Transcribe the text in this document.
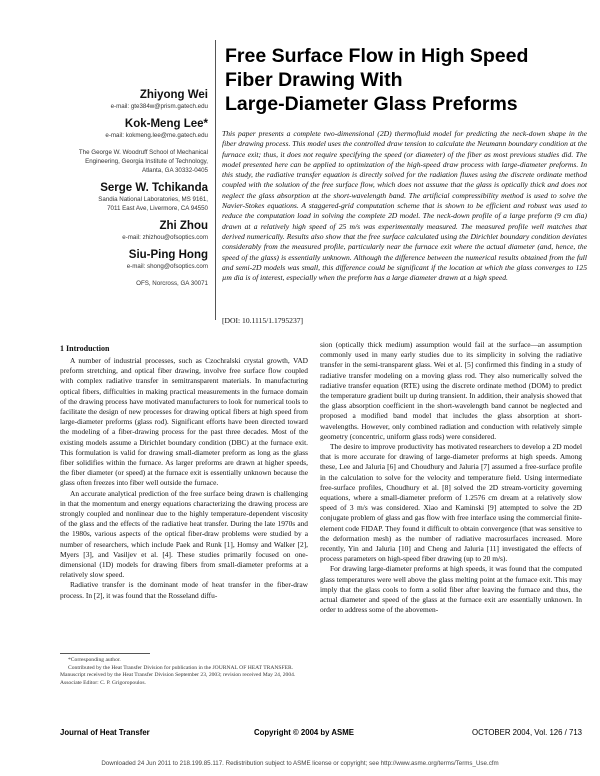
Free Surface Flow in High Speed
Fiber Drawing With
Large-Diameter Glass Preforms
Zhiyong Wei
e-mail: gte384w@prism.gatech.edu
Kok-Meng Lee*
e-mail: kokmeng.lee@me.gatech.edu
The George W. Woodruff School of Mechanical
Engineering, Georgia Institute of Technology,
Atlanta, GA 30332-0405
Serge W. Tchikanda
Sandia National Laboratories, MS 9161,
7011 East Ave, Livermore, CA 94550
Zhi Zhou
e-mail: zhizhou@ofsoptics.com
Siu-Ping Hong
e-mail: shong@ofsoptics.com
OFS, Norcross, GA 30071
This paper presents a complete two-dimensional (2D) thermofluid model for predicting the neck-down shape in the fiber drawing process. This model uses the controlled draw tension to calculate the Neumann boundary condition at the furnace exit; thus, it does not require specifying the speed (or diameter) of the fiber as most previous studies did. The model presented here can be applied to optimization of the high-speed draw process with large-diameter preforms. In this study, the radiative transfer equation is directly solved for the radiation fluxes using the discrete ordinate method coupled with the solution of the free surface flow, which does not assume that the glass is optically thick and does not neglect the glass absorption at the short-wavelength band. The artificial compressibility method is used to solve the Navier-Stokes equations. A staggered-grid computation scheme that is shown to be efficient and robust was used to reduce the computation load in solving the complete 2D model. The neck-down profile of a large preform (9 cm dia) drawn at a relatively high speed of 25 m/s was experimentally measured. The measured profile well matches that derived numerically. Results also show that the free surface calculated using the Dirichlet boundary condition deviates considerably from the measured profile, particularly near the furnace exit where the actual diameter (and, hence, the speed of the glass) is essentially unknown. Although the difference between the numerical results obtained from the full and semi-2D models was small, this difference could be significant if the location at which the glass converges to 125 µm dia is of interest, especially when the preform has a large diameter drawn at a high speed.
[DOI: 10.1115/1.1795237]
1 Introduction

A number of industrial processes, such as Czochralski crystal growth, VAD preform stretching, and optical fiber drawing, involve free surface flow coupled with complex radiative transfer in semitransparent materials. In manufacturing optical fibers, difficulties in making practical measurements in the furnace domain of the drawing process have motivated manufacturers to look for numerical tools to facilitate the design of new processes for drawing optical fibers at high speed from large-diameter preforms (glass rod). Significant efforts have been directed toward the modeling of a fiber-drawing process for the past three decades. Most of the existing models assume a Dirichlet boundary condition (DBC) at the furnace exit. This formulation is valid for drawing small-diameter preform as long as the glass fiber solidifies within the furnace. As larger preforms are drawn at higher speeds, the fiber diameter (or speed) at the furnace exit is essentially unknown because the glass often freezes into fiber well outside the furnace.

An accurate analytical prediction of the free surface being drawn is challenging in that the momentum and energy equations characterizing the drawing process are strongly coupled and nonlinear due to the highly temperature-dependent viscosity of the glass and the effects of the radiative heat transfer. During the late 1970s and the 1980s, various aspects of the optical fiber-draw problems were studied by a number of researchers, which include Paek and Runk [1], Homsy and Walker [2], Myers [3], and Vasiljev et al. [4]. These studies primarily focused on one-dimensional (1D) models for drawing fibers from small-diameter preforms at a relatively slow speed.

Radiative transfer is the dominant mode of heat transfer in the fiber-draw process. In [2], it was found that the Rosseland diffu-

sion (optically thick medium) assumption would fail at the surface—an assumption commonly used in many early studies due to its simplicity in solving the radiative transfer in the semi-transparent glass. Wei et al. [5] confirmed this finding in a study of radiative transfer modeling on a moving glass rod. They also numerically solved the radiative transfer equation (RTE) using the discrete ordinate method (DOM) to predict the temperature gradient built up during transient. In addition, their analysis showed that the glass absorption coefficient in the short-wavelength band cannot be neglected and proposed a modified band model that includes the glass absorption at short-wavelengths. However, only combined radiation and conduction with relatively simple geometry (concentric, uniform glass rods) were considered.

The desire to improve productivity has motivated researchers to develop a 2D model that is more accurate for drawing of large-diameter preforms at high speeds. Among these, Lee and Jaluria [6] and Choudhury and Jaluria [7] assumed a free-surface profile in the calculation to solve for the velocity and temperature field. Using intermediate free-surface profiles, Choudhury et al. [8] solved the 2D stream-vorticity governing equations, where a small-diameter preform of 1.2576 cm dream at a relatively slow speed of 3 m/s was considered. Xiao and Kaminski [9] attempted to solve the 2D conjugate problem of glass and gas flow with free interface using the commercial finite-element code FIDAP. They found it difficult to obtain convergence (that was sensitive to the deformation mesh) as the number of radiative macrosurfaces increased. More recently, Yin and Jaluria [10] and Cheng and Jaluria [11] investigated the effects of process parameters on high-speed fiber drawing (up to 20 m/s).

For drawing large-diameter preforms at high speeds, it was found that the computed glass temperatures were well above the glass melting point at the furnace exit. This may imply that the glass cools to form a solid fiber after leaving the furnace and thus, the actual diameter and speed of the glass at the furnace exit are essentially unknown. In order to address some of the abovemen-

*Corresponding author.

Contributed by the Heat Transfer Division for publication in the JOURNAL OF HEAT TRANSFER. Manuscript received by the Heat Transfer Division September 23, 2003; revision received May 24, 2004. Associate Editor: C. P. Grigoropoulos.

Journal of Heat Transfer	Copyright © 2004 by ASME	OCTOBER 2004, Vol. 126 / 713
Downloaded 24 Jun 2011 to 218.199.85.117. Redistribution subject to ASME license or copyright; see http://www.asme.org/terms/Terms_Use.cfm
